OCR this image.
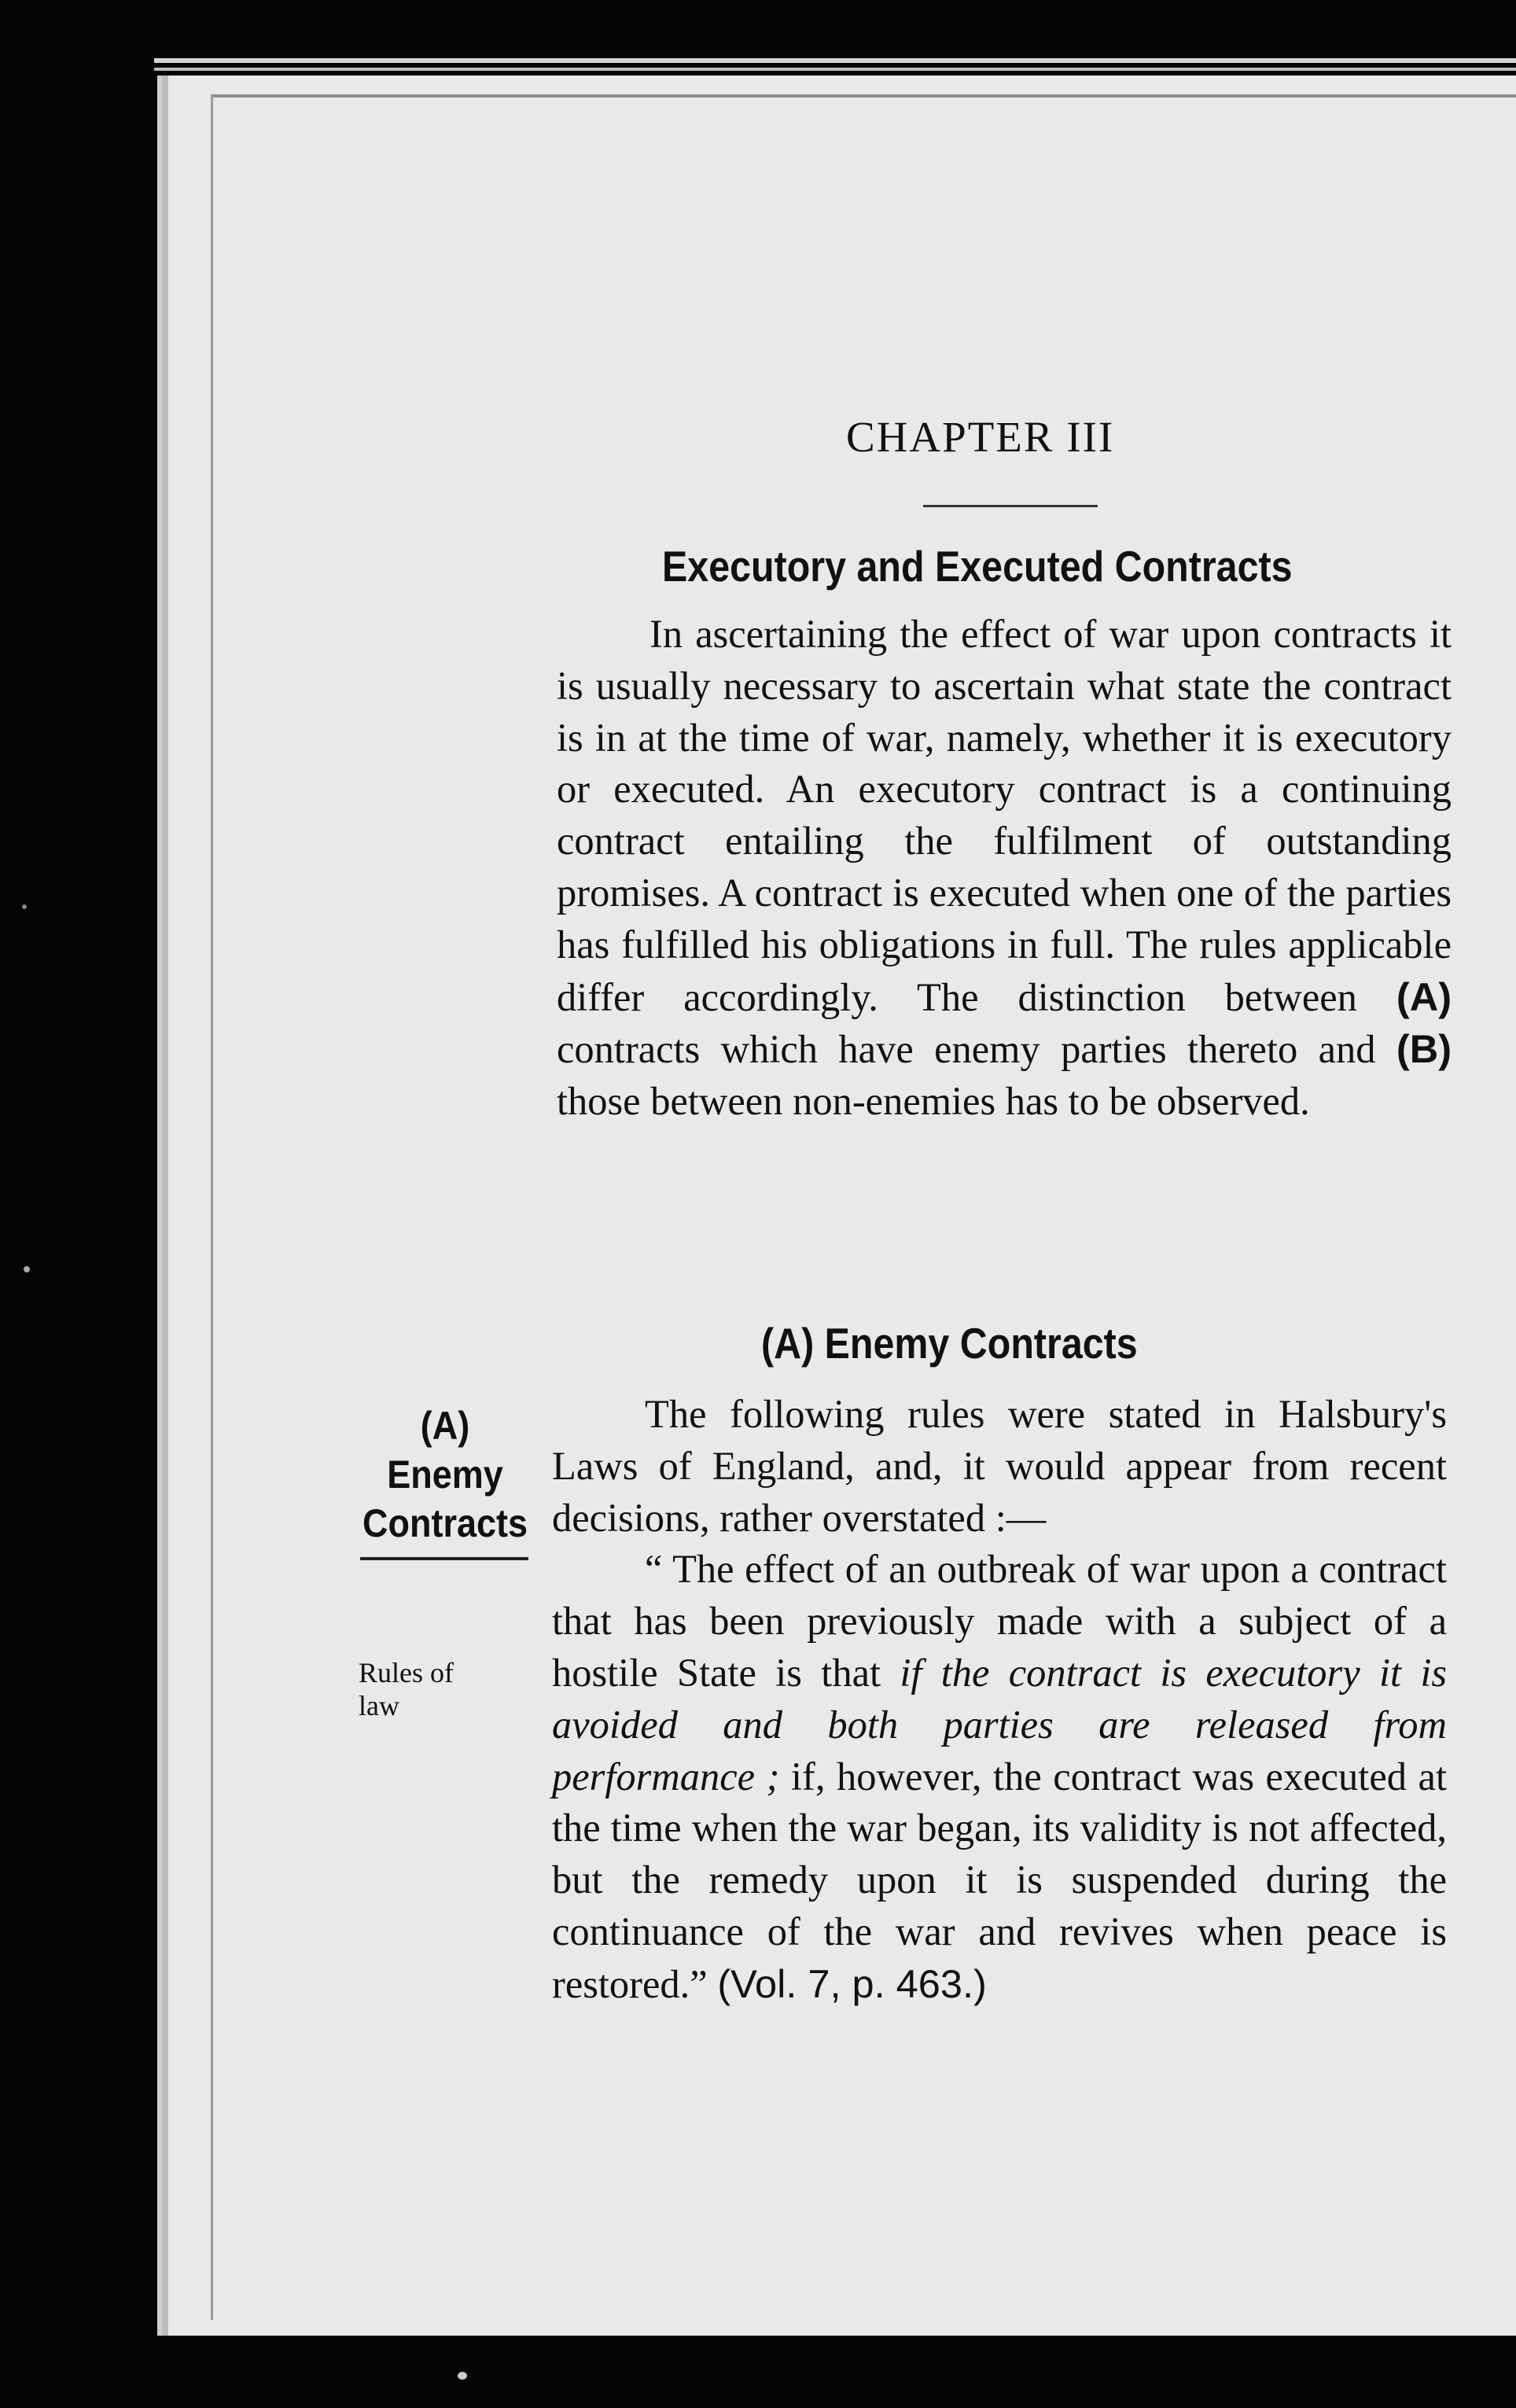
CHAPTER III
Executory and Executed Contracts
In ascertaining the effect of war upon contracts it is usually necessary to ascertain what state the contract is in at the time of war, namely, whether it is executory or executed. An executory contract is a continuing contract entailing the fulfilment of outstanding promises. A contract is executed when one of the parties has fulfilled his obligations in full. The rules applicable differ accordingly. The distinction between (A) contracts which have enemy parties thereto and (B) those between non-enemies has to be observed.
(A) Enemy Contracts
(A)
Enemy
Contracts
Rules of law
The following rules were stated in Halsbury's Laws of England, and, it would appear from recent decisions, rather overstated :—
“ The effect of an outbreak of war upon a contract that has been previously made with a subject of a hostile State is that if the contract is executory it is avoided and both parties are released from performance ; if, however, the contract was executed at the time when the war began, its validity is not affected, but the remedy upon it is suspended during the continuance of the war and revives when peace is restored.” (Vol. 7, p. 463.)
